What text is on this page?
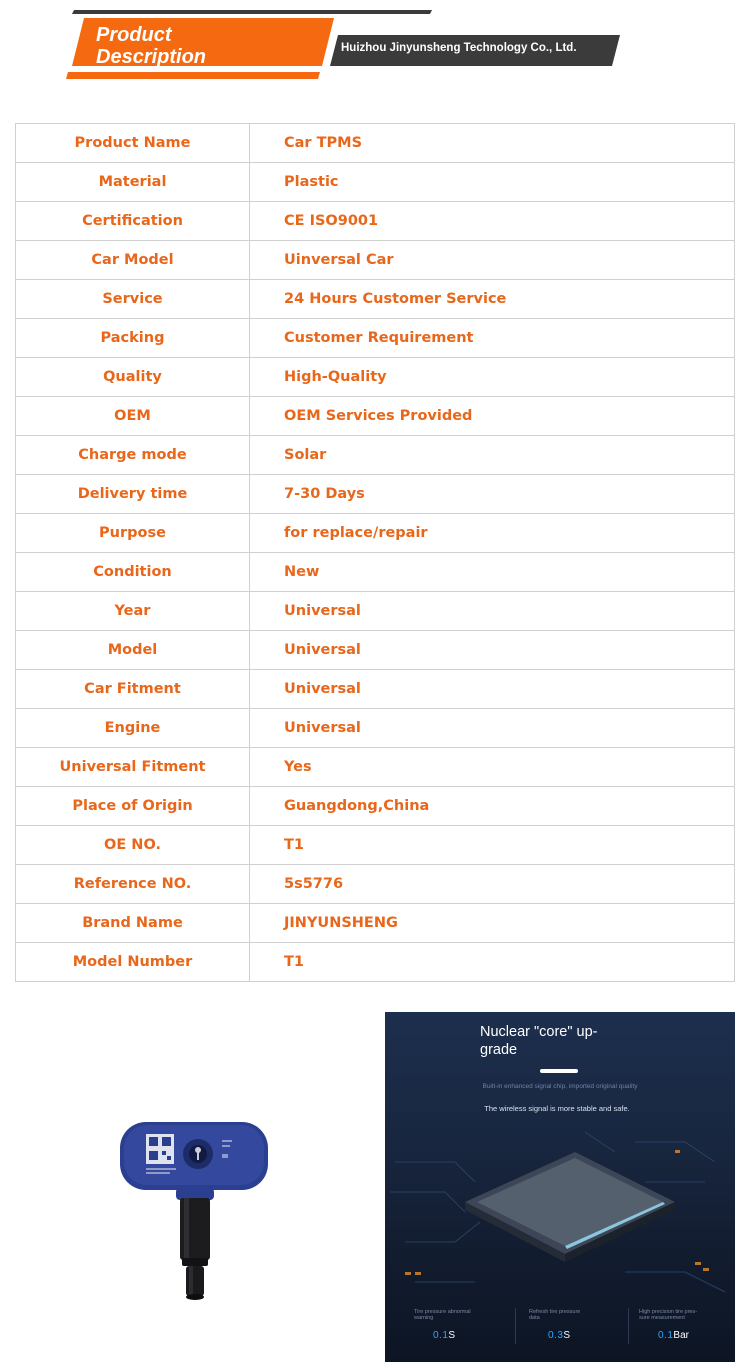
Product
Description	Huizhou Jinyunsheng Technology Co., Ltd.
Product Name	Car TPMS
Material	Plastic
Certification	CE ISO9001
Car Model	Uinversal Car
Service	24 Hours Customer Service
Packing	Customer Requirement
Quality	High-Quality
OEM	OEM Services Provided
Charge mode	Solar
Delivery time	7-30 Days
Purpose	for replace/repair
Condition	New
Year	Universal
Model	Universal
Car Fitment	Universal
Engine	Universal
Universal Fitment	Yes
Place of Origin	Guangdong,China
OE NO.	T1
Reference NO.	5s5776
Brand Name	JINYUNSHENG
Model Number	T1
Nuclear "core" up-
grade
Built-in enhanced signal chip, imported original quality
The wireless signal is more stable and safe.
Tire pressure abnormal
warning
0.1S
Refresh tire pressure
data
0.3S
High precision tire pres-
sure measurement
0.1Bar
